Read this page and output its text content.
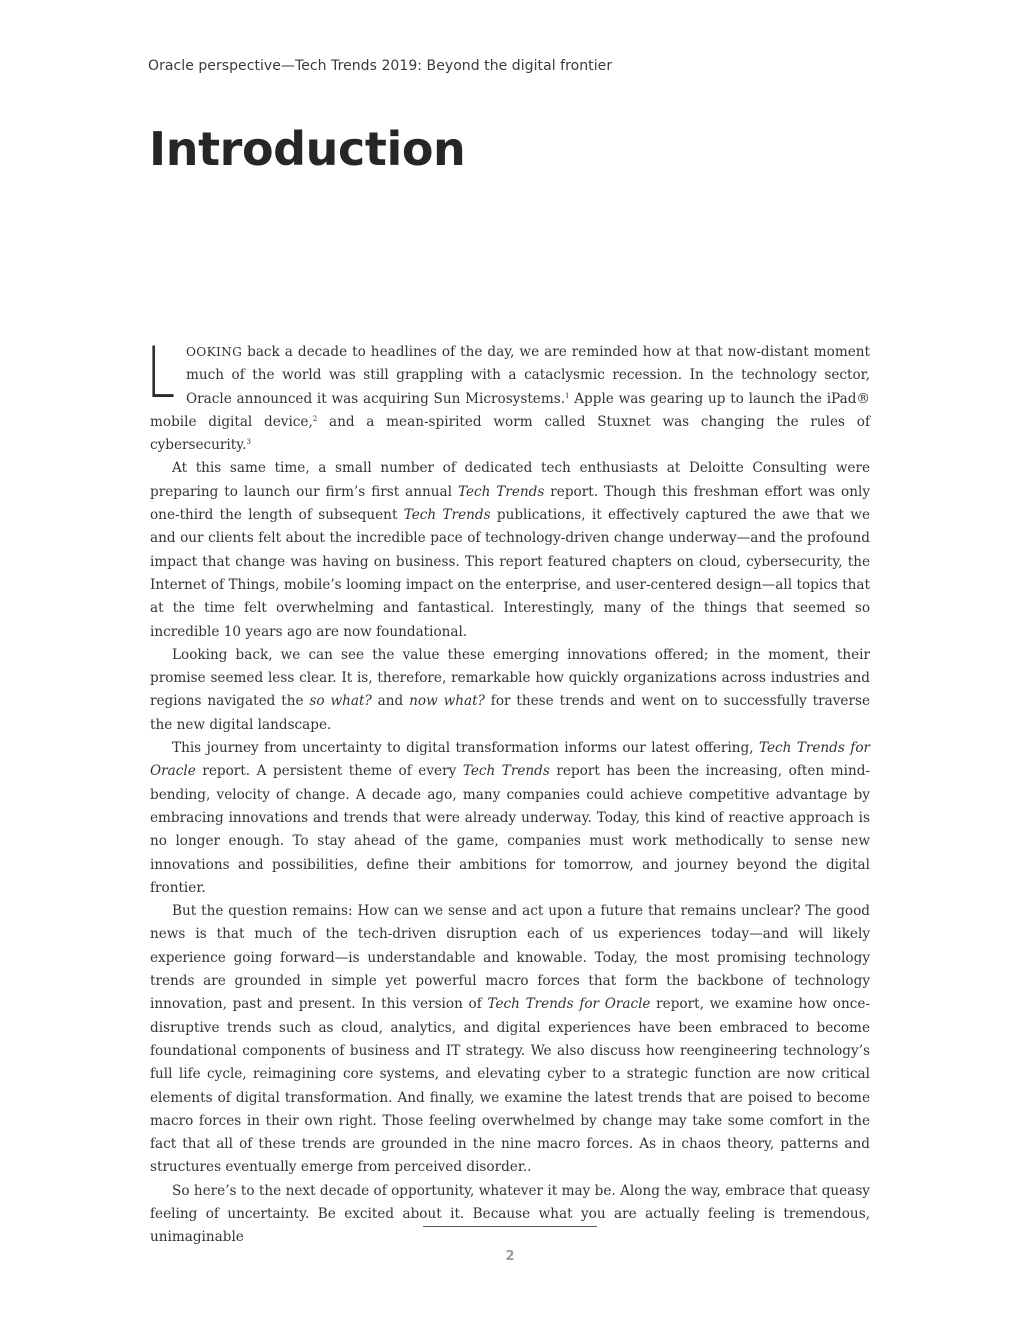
Oracle perspective—Tech Trends 2019: Beyond the digital frontier
Introduction

LOOKING back a decade to headlines of the day, we are reminded how at that now-distant moment much of the world was still grappling with a cataclysmic recession. In the technology sector, Oracle announced it was acquiring Sun Microsystems.$^1$ Apple was gearing up to launch the iPad® mobile digital device,$^2$ and a mean-spirited worm called Stuxnet was changing the rules of cybersecurity.$^3$

At this same time, a small number of dedicated tech enthusiasts at Deloitte Consulting were preparing to launch our firm’s first annual Tech Trends report. Though this freshman effort was only one-third the length of subsequent Tech Trends publications, it effectively captured the awe that we and our clients felt about the incredible pace of technology-driven change underway—and the profound impact that change was having on business. This report featured chapters on cloud, cybersecurity, the Internet of Things, mobile’s looming impact on the enterprise, and user-centered design—all topics that at the time felt overwhelming and fantastical. Interestingly, many of the things that seemed so incredible 10 years ago are now foundational.

Looking back, we can see the value these emerging innovations offered; in the moment, their promise seemed less clear. It is, therefore, remarkable how quickly organizations across industries and regions navigated the so what? and now what? for these trends and went on to successfully traverse the new digital landscape.

This journey from uncertainty to digital transformation informs our latest offering, Tech Trends for Oracle report. A persistent theme of every Tech Trends report has been the increasing, often mind-bending, velocity of change. A decade ago, many companies could achieve competitive advantage by embracing innovations and trends that were already underway. Today, this kind of reactive approach is no longer enough. To stay ahead of the game, companies must work methodically to sense new innovations and possibilities, define their ambitions for tomorrow, and journey beyond the digital frontier.

But the question remains: How can we sense and act upon a future that remains unclear? The good news is that much of the tech-driven disruption each of us experiences today—and will likely experience going forward—is understandable and knowable. Today, the most promising technology trends are grounded in simple yet powerful macro forces that form the backbone of technology innovation, past and present. In this version of Tech Trends for Oracle report, we examine how once-disruptive trends such as cloud, analytics, and digital experiences have been embraced to become foundational components of business and IT strategy. We also discuss how reengineering technology’s full life cycle, reimagining core systems, and elevating cyber to a strategic function are now critical elements of digital transformation. And finally, we examine the latest trends that are poised to become macro forces in their own right. Those feeling overwhelmed by change may take some comfort in the fact that all of these trends are grounded in the nine macro forces. As in chaos theory, patterns and structures eventually emerge from perceived disorder..

So here’s to the next decade of opportunity, whatever it may be. Along the way, embrace that queasy feeling of uncertainty. Be excited about it. Because what you are actually feeling is tremendous, unimaginable

2
